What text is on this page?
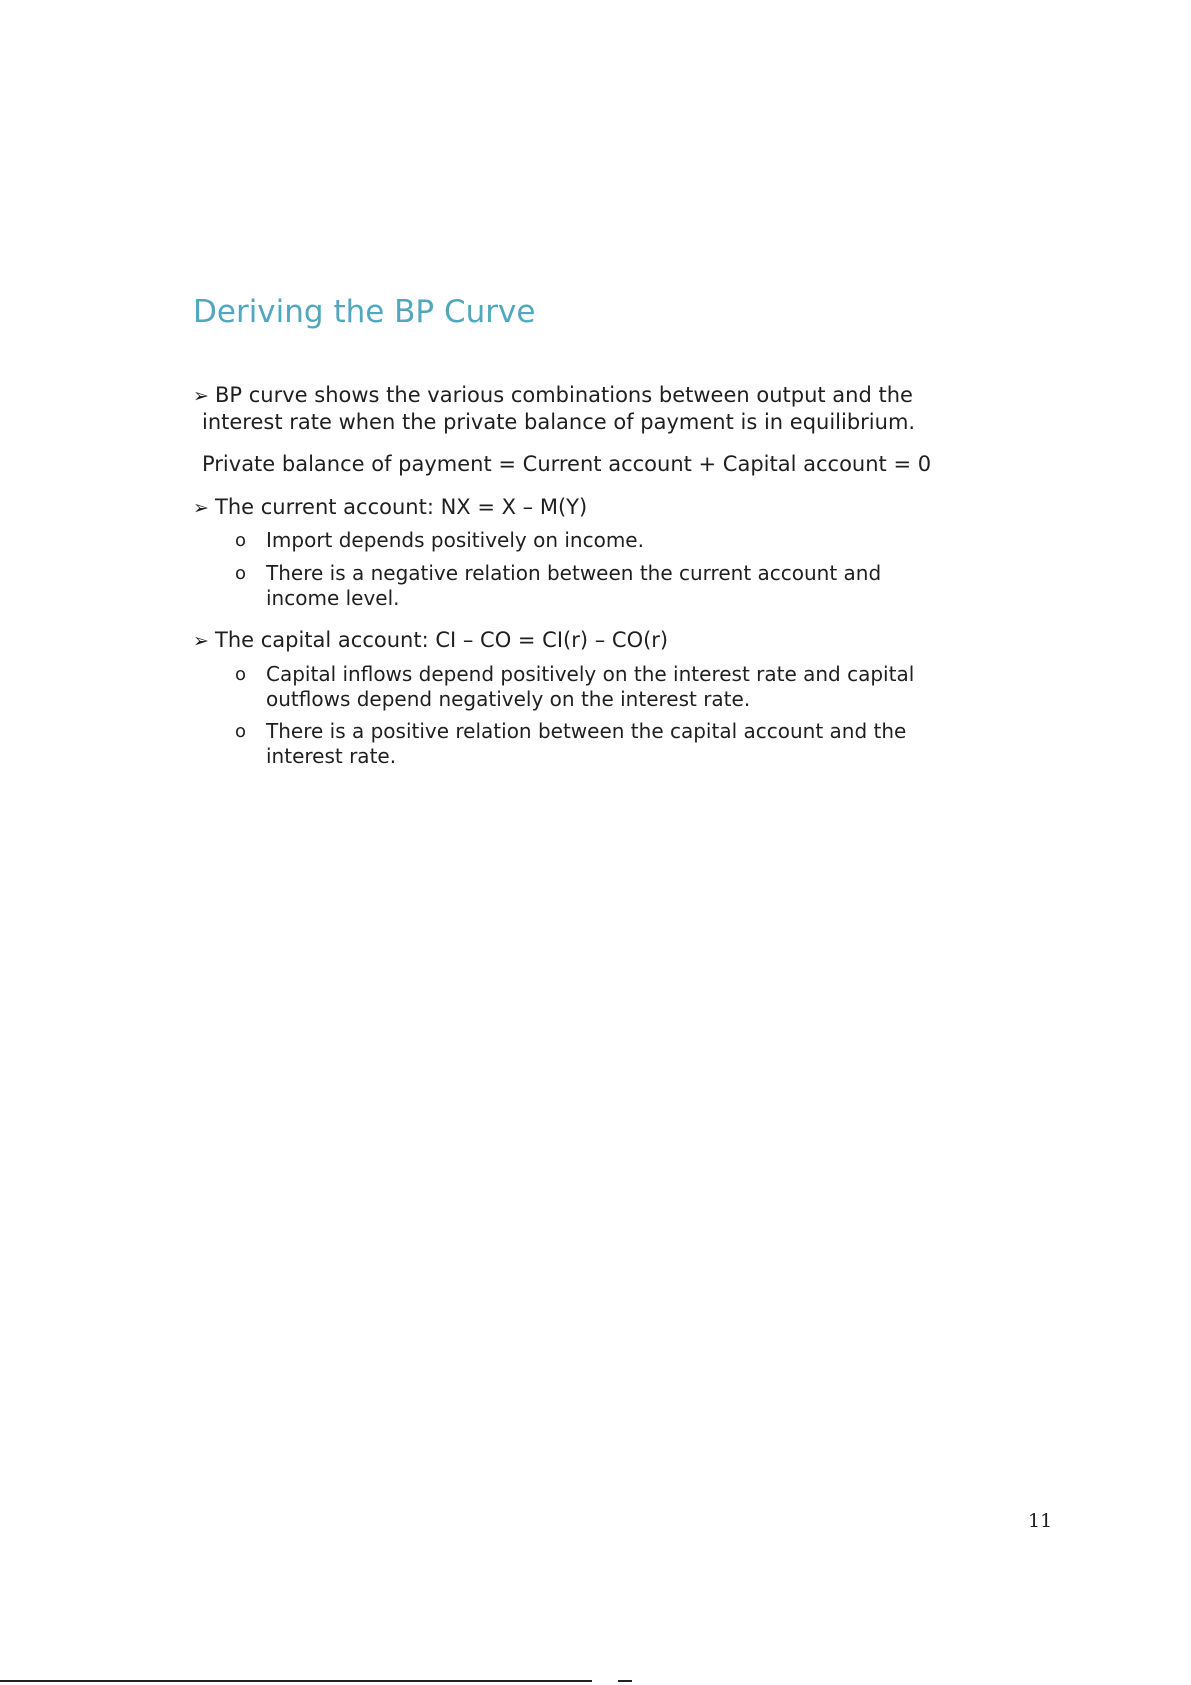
Deriving the BP Curve
➢ BP curve shows the various combinations between output and the
interest rate when the private balance of payment is in equilibrium.
Private balance of payment = Current account + Capital account = 0
➢ The current account: NX = X – M(Y)
o Import depends positively on income.
o There is a negative relation between the current account and income level.
➢ The capital account: CI – CO = CI(r) – CO(r)
o Capital inflows depend positively on the interest rate and capital outflows depend negatively on the interest rate.
o There is a positive relation between the capital account and the interest rate.
11
